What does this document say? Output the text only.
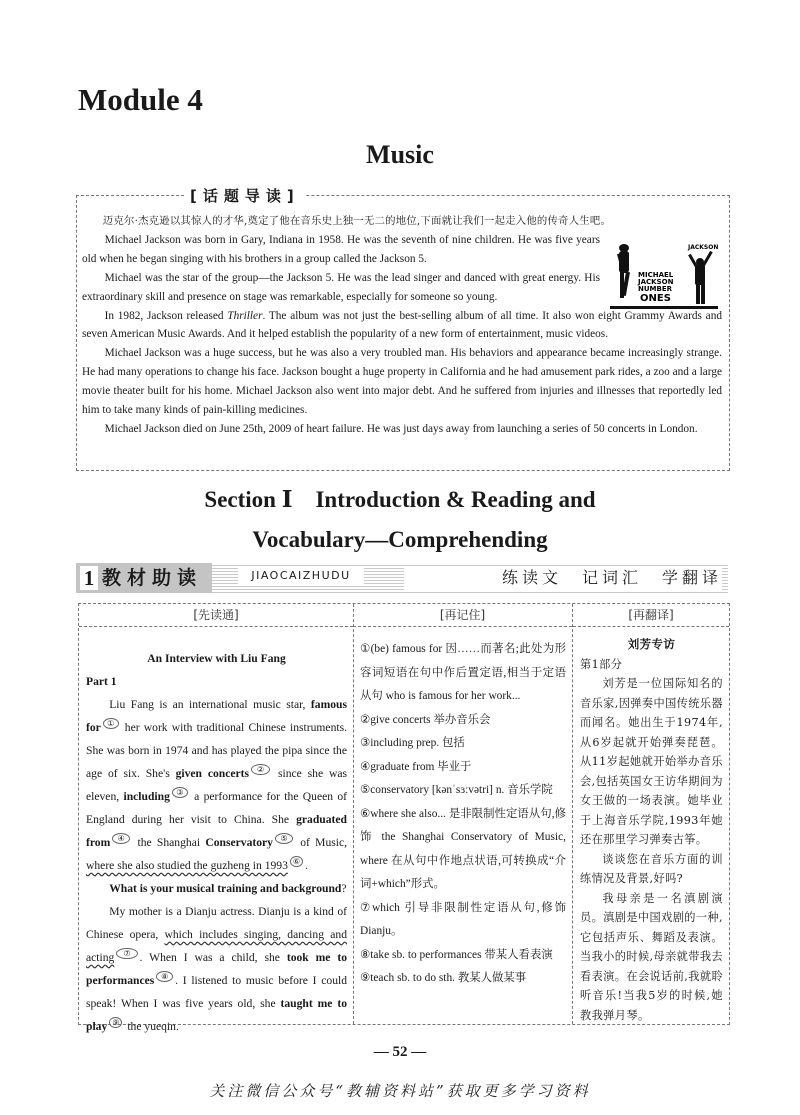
Module 4
Music
[话题导读]
JACKSON
MICHAEL
JACKSON
NUMBER
ONES

迈克尔·杰克逊以其惊人的才华,奠定了他在音乐史上独一无二的地位,下面就让我们一起走入他的传奇人生吧。

Michael Jackson was born in Gary, Indiana in 1958. He was the seventh of nine children. He was five years old when he began singing with his brothers in a group called the Jackson 5.

Michael was the star of the group—the Jackson 5. He was the lead singer and danced with great energy. His extraordinary skill and presence on stage was remarkable, especially for someone so young.

In 1982, Jackson released Thriller. The album was not just the best-selling album of all time. It also won eight Grammy Awards and seven American Music Awards. And it helped establish the popularity of a new form of entertainment, music videos.

Michael Jackson was a huge success, but he was also a very troubled man. His behaviors and appearance became increasingly strange. He had many operations to change his face. Jackson bought a huge property in California and he had amusement park rides, a zoo and a large movie theater built for his home. Michael Jackson also went into major debt. And he suffered from injuries and illnesses that reportedly led him to take many kinds of pain-killing medicines.

Michael Jackson died on June 25th, 2009 of heart failure. He was just days away from launching a series of 50 concerts in London.

Section Ⅰ　Introduction & Reading and
Vocabulary—Comprehending
1 教材助读	JIAOCAIZHUDU	练读文　记词汇　学翻译
[先读通]

An Interview with Liu Fang

Part 1

Liu Fang is an international music star, famous for ① her work with traditional Chinese instruments. She was born in 1974 and has played the pipa since the age of six. She's given concerts ② since she was eleven, including ③ a performance for the Queen of England during her visit to China. She graduated from ④ the Shanghai Conservatory ⑤ of Music, where she also studied the guzheng in 1993 ⑥ .

What is your musical training and background?

My mother is a Dianju actress. Dianju is a kind of Chinese opera, which includes singing, dancing and acting ⑦ . When I was a child, she took me to performances ⑧ . I listened to music before I could speak! When I was five years old, she taught me to play ⑨ the yueqin.

[再记住]

①(be) famous for 因……而著名;此处为形容词短语在句中作后置定语,相当于定语从句 who is famous for her work...

②give concerts 举办音乐会

③including prep. 包括

④graduate from 毕业于

⑤conservatory [kənˈsɜːvətri] n. 音乐学院

⑥where she also... 是非限制性定语从句,修饰 the Shanghai Conservatory of Music, where 在从句中作地点状语,可转换成“介词+which”形式。

⑦which 引导非限制性定语从句,修饰 Dianju。

⑧take sb. to performances 带某人看表演

⑨teach sb. to do sth. 教某人做某事

[再翻译]

刘芳专访

第1部分

刘芳是一位国际知名的音乐家,因弹奏中国传统乐器而闻名。她出生于1974年,从6岁起就开始弹奏琵琶。从11岁起她就开始举办音乐会,包括英国女王访华期间为女王做的一场表演。她毕业于上海音乐学院,1993年她还在那里学习弹奏古筝。

谈谈您在音乐方面的训练情况及背景,好吗?

我母亲是一名滇剧演员。滇剧是中国戏剧的一种,它包括声乐、舞蹈及表演。当我小的时候,母亲就带我去看表演。在会说话前,我就聆听音乐!当我5岁的时候,她教我弹月琴。

— 52 —
关注微信公众号“教辅资料站”获取更多学习资料
